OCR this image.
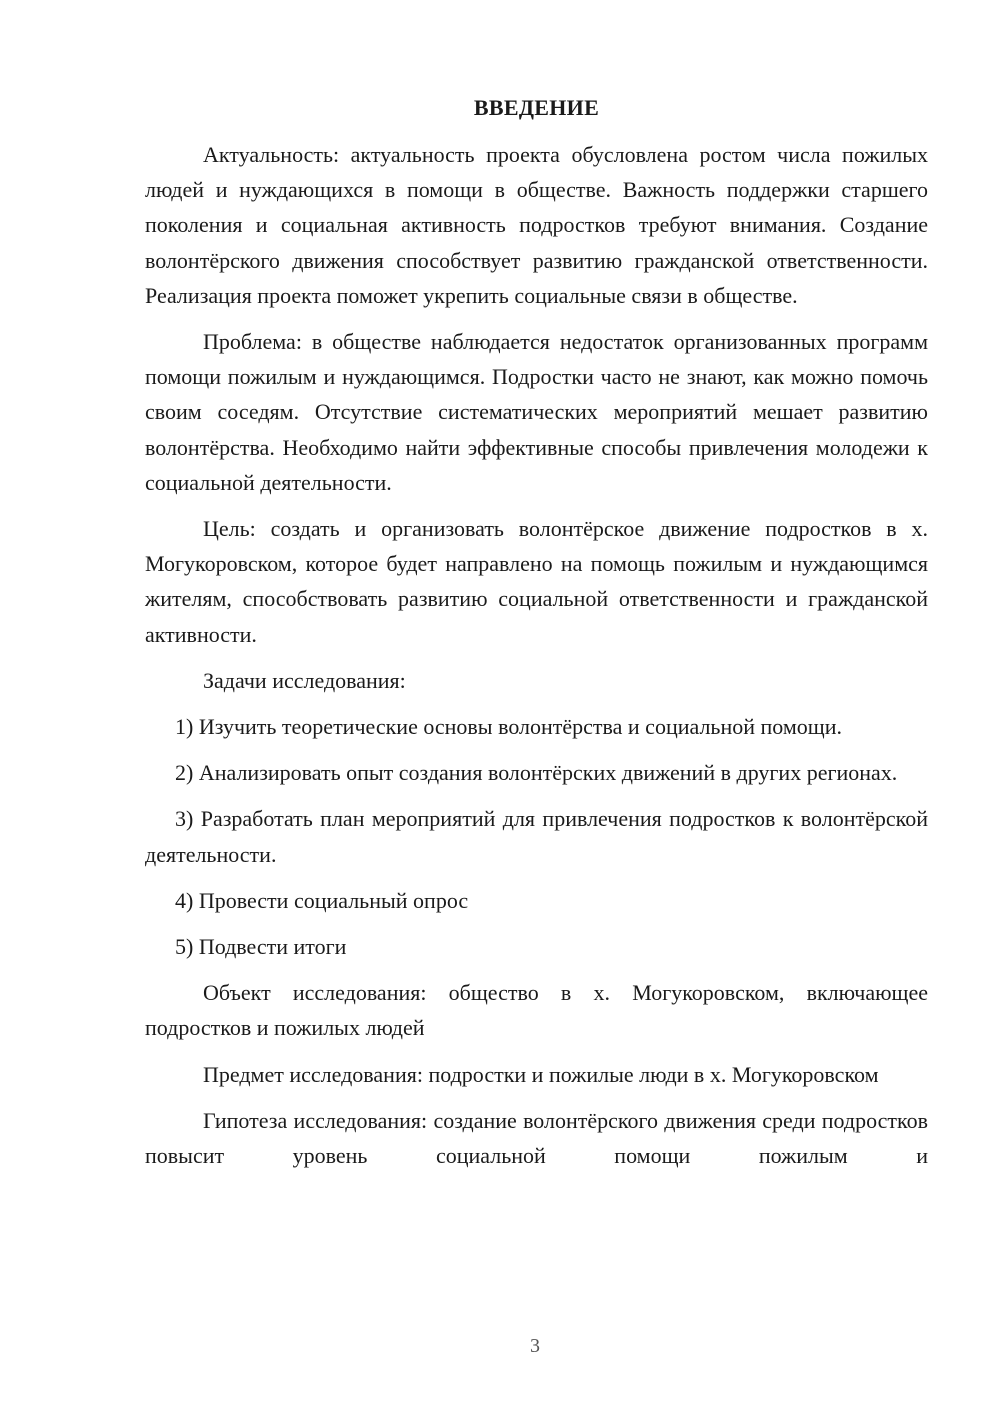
ВВЕДЕНИЕ

Актуальность: актуальность проекта обусловлена ростом числа пожилых людей и нуждающихся в помощи в обществе. Важность поддержки старшего поколения и социальная активность подростков требуют внимания. Создание волонтёрского движения способствует развитию гражданской ответственности. Реализация проекта поможет укрепить социальные связи в обществе.

Проблема: в обществе наблюдается недостаток организованных программ помощи пожилым и нуждающимся. Подростки часто не знают, как можно помочь своим соседям. Отсутствие систематических мероприятий мешает развитию волонтёрства. Необходимо найти эффективные способы привлечения молодежи к социальной деятельности.

Цель: создать и организовать волонтёрское движение подростков в х. Могукоровском, которое будет направлено на помощь пожилым и нуждающимся жителям, способствовать развитию социальной ответственности и гражданской активности.

Задачи исследования:

1) Изучить теоретические основы волонтёрства и социальной помощи.

2) Анализировать опыт создания волонтёрских движений в других регионах.

3) Разработать план мероприятий для привлечения подростков к волонтёрской деятельности.

4) Провести социальный опрос

5) Подвести итоги

Объект исследования: общество в х. Могукоровском, включающее подростков и пожилых людей

Предмет исследования: подростки и пожилые люди в х. Могукоровском

Гипотеза исследования: создание волонтёрского движения среди подростков повысит уровень социальной помощи пожилым и

3
